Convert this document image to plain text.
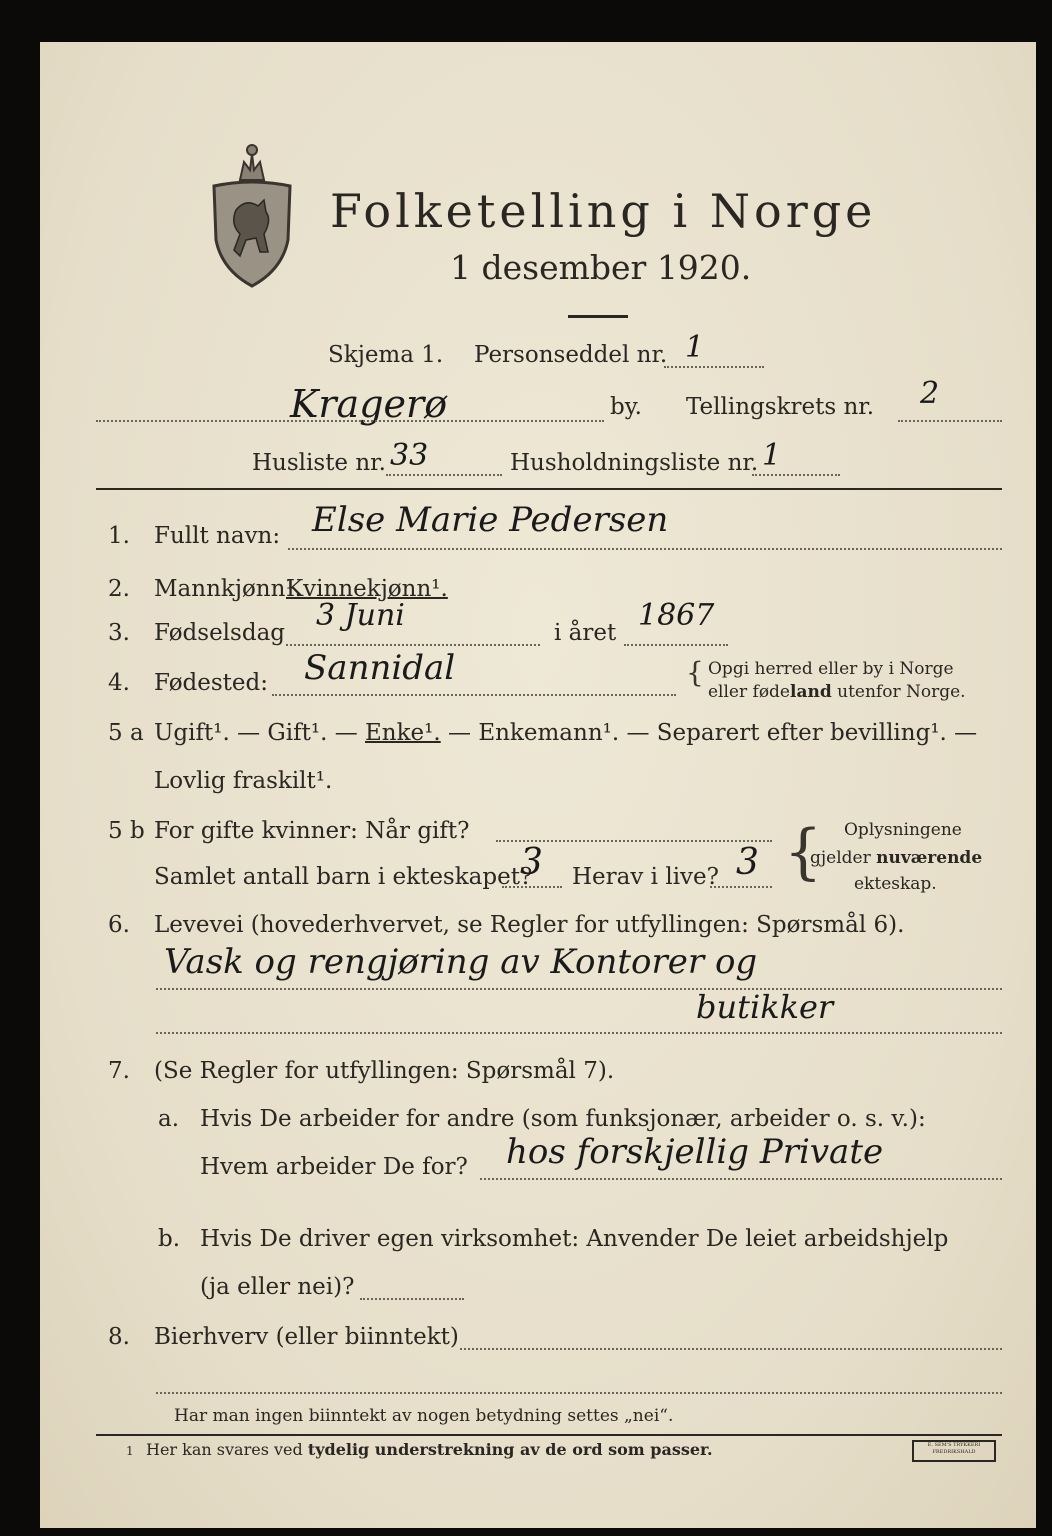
Folketelling i Norge
1 desember 1920.
Skjema 1. Personseddel nr. 1
Kragerø	by. Tellingskrets nr. 2
Husliste nr. 33	Husholdningsliste nr. 1
1. Fullt navn: Else Marie Pedersen
2. Mannkjønn¹.
Kvinnekjønn¹.
3. Fødselsdag 3 Juni	i året 1867
4. Fødested: Sannidal	{ Opgi herred eller by i Norge
eller fødeland utenfor Norge.
5 a Ugift¹. — Gift¹. — Enke¹. — Enkemann¹. — Separert efter bevilling¹. —
Lovlig fraskilt¹.
5 b For gifte kvinner: Når gift?
Samlet antall barn i ekteskapet?
3 Herav i live? 3 { Oplysningene
gjelder nuværende
ekteskap.
6. Levevei (hovederhvervet, se Regler for utfyllingen: Spørsmål 6).
Vask og rengjøring av Kontorer og
butikker
7. (Se Regler for utfyllingen: Spørsmål 7).
a. Hvis De arbeider for andre (som funksjonær, arbeider o. s. v.):
Hvem arbeider De for? hos forskjellig Private
b. Hvis De driver egen virksomhet: Anvender De leiet arbeidshjelp
(ja eller nei)?
8. Bierhverv (eller biinntekt)
Har man ingen biinntekt av nogen betydning settes „nei“.
1 Her kan svares ved tydelig understrekning av de ord som passer.	E. SEM'S TRYKKERI FREDRIKSHALD
